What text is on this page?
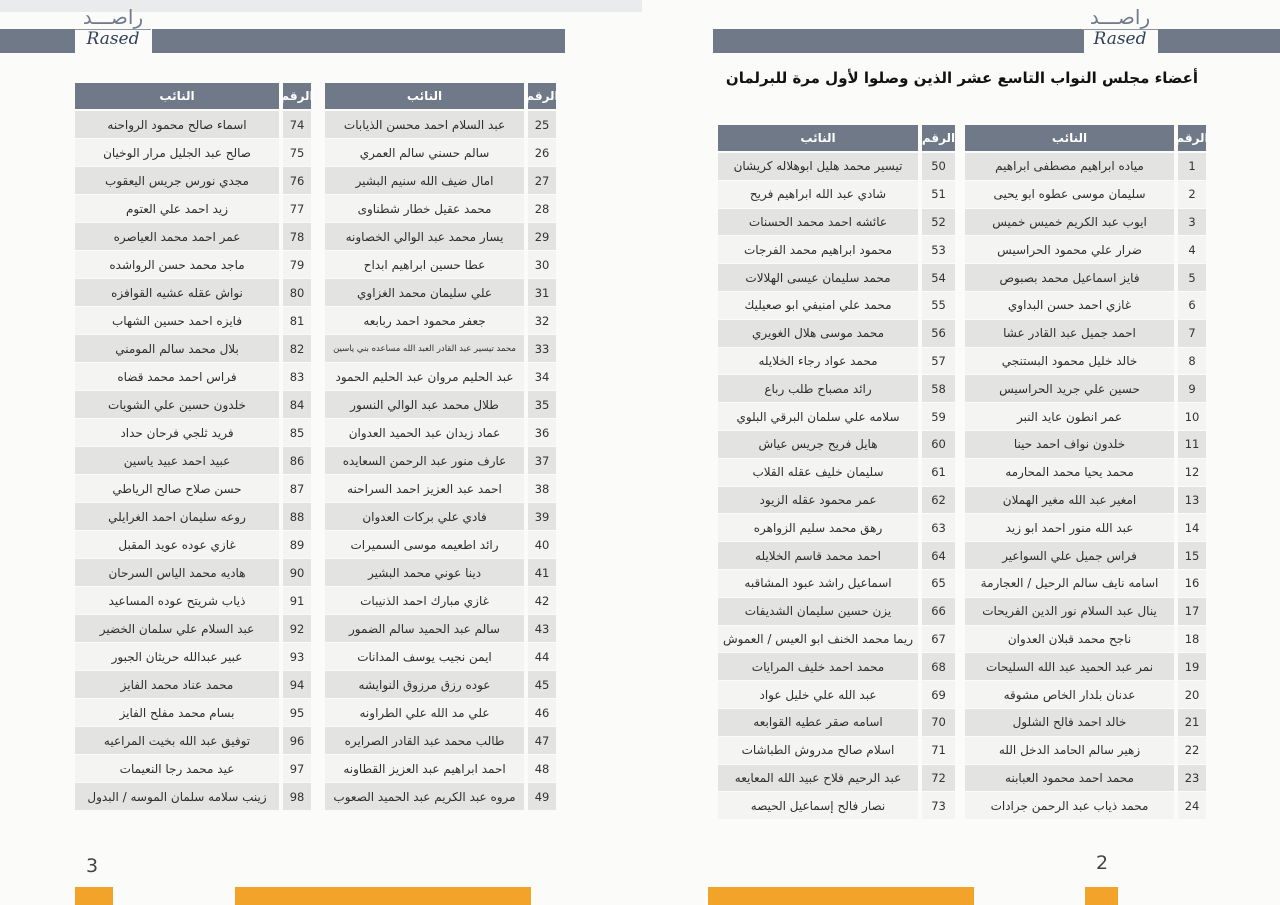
راصـــد
Rased
راصـــد
Rased
أعضاء مجلس النواب التاسع عشر الذين وصلوا لأول مرة للبرلمان
النائب	الرقم
اسماء صالح محمود الرواحنه	74
صالح عبد الجليل مرار الوخيان	75
مجدي نورس جريس اليعقوب	76
زيد احمد علي العتوم	77
عمر احمد محمد العياصره	78
ماجد محمد حسن الرواشده	79
نواش عقله عشيه القوافزه	80
فايزه احمد حسين الشهاب	81
بلال محمد سالم المومني	82
فراس احمد محمد قضاه	83
خلدون حسين علي الشويات	84
فريد ثلجي فرحان حداد	85
عبيد احمد عبيد ياسين	86
حسن صلاح صالح الرياطي	87
روعه سليمان احمد الغرايلي	88
غازي عوده عويد المقبل	89
هاديه محمد الياس السرحان	90
ذياب شريتح عوده المساعيد	91
عبد السلام علي سلمان الخضير	92
عبير عبدالله حريثان الجبور	93
محمد عناد محمد الفايز	94
بسام محمد مفلح الفايز	95
توفيق عبد الله بخيت المراعيه	96
عيد محمد رجا النعيمات	97
زينب سلامه سلمان الموسه / البدول	98
النائب	الرقم
عبد السلام احمد محسن الذيابات	25
سالم حسني سالم العمري	26
امال ضيف الله سنيم البشير	27
محمد عقيل خطار شطناوى	28
يسار محمد عبد الوالي الخصاونه	29
عطا حسين ابراهيم ابداح	30
علي سليمان محمد الغزاوي	31
جعفر محمود احمد ربابعه	32
محمد تيسير عبد القادر العبد الله مساعده بني ياسين	33
عبد الحليم مروان عبد الحليم الحمود	34
طلال محمد عبد الوالي النسور	35
عماد زيدان عبد الحميد العدوان	36
عارف منور عبد الرحمن السعايده	37
احمد عبد العزيز احمد السراحنه	38
فادي علي بركات العدوان	39
رائد اطعيمه موسى السميرات	40
دينا عوني محمد البشير	41
غازي مبارك احمد الذنيبات	42
سالم عبد الحميد سالم الضمور	43
ايمن نجيب يوسف المدانات	44
عوده رزق مرزوق النوايشه	45
علي مد الله علي الطراونه	46
طالب محمد عبد القادر الصرايره	47
احمد ابراهيم عبد العزيز القطاونه	48
مروه عبد الكريم عبد الحميد الصعوب	49
النائب	الرقم
تيسير محمد هليل ابوهلاله كريشان	50
شادي عبد الله ابراهيم فريح	51
عائشه احمد محمد الحسنات	52
محمود ابراهيم محمد الفرجات	53
محمد سليمان عيسى الهلالات	54
محمد علي امنيفي ابو صعيليك	55
محمد موسى هلال الغويري	56
محمد عواد رجاء الخلايله	57
رائد مصباح طلب رباع	58
سلامه علي سلمان البرقي البلوي	59
هايل فريح جريس عياش	60
سليمان خليف عقله القلاب	61
عمر محمود عقله الزيود	62
رهق محمد سليم الزواهره	63
احمد محمد قاسم الخلايله	64
اسماعيل راشد عبود المشاقبه	65
يزن حسين سليمان الشديفات	66
ريما محمد الخنف ابو العيس / العموش	67
محمد احمد خليف المرايات	68
عبد الله علي خليل عواد	69
اسامه صقر عطيه القوابعه	70
اسلام صالح مدروش الطباشات	71
عبد الرحيم فلاح عبيد الله المعايعه	72
نصار فالح إسماعيل الحيصه	73
النائب	الرقم
مياده ابراهيم مصطفى ابراهيم	1
سليمان موسى عطوه ابو يحيى	2
ايوب عبد الكريم خميس خميس	3
ضرار علي محمود الحراسيس	4
فايز اسماعيل محمد بصبوص	5
غازي احمد حسن البداوي	6
احمد جميل عبد القادر عشا	7
خالد خليل محمود البستنجي	8
حسين علي جريد الحراسيس	9
عمر انطون عايد النبر	10
خلدون نواف احمد حينا	11
محمد يحيا محمد المحارمه	12
امغير عبد الله مغير الهملان	13
عبد الله منور احمد ابو زيد	14
فراس جميل علي السواعير	15
اسامه نايف سالم الرحيل / العجارمة	16
ينال عبد السلام نور الدين الفريحات	17
ناجح محمد قبلان العدوان	18
نمر عبد الحميد عبد الله السليحات	19
عدنان بلدار الخاص مشوقه	20
خالد احمد فالح الشلول	21
زهير سالم الحامد الدخل الله	22
محمد احمد محمود العبابنه	23
محمد ذياب عبد الرحمن جرادات	24
3	2
